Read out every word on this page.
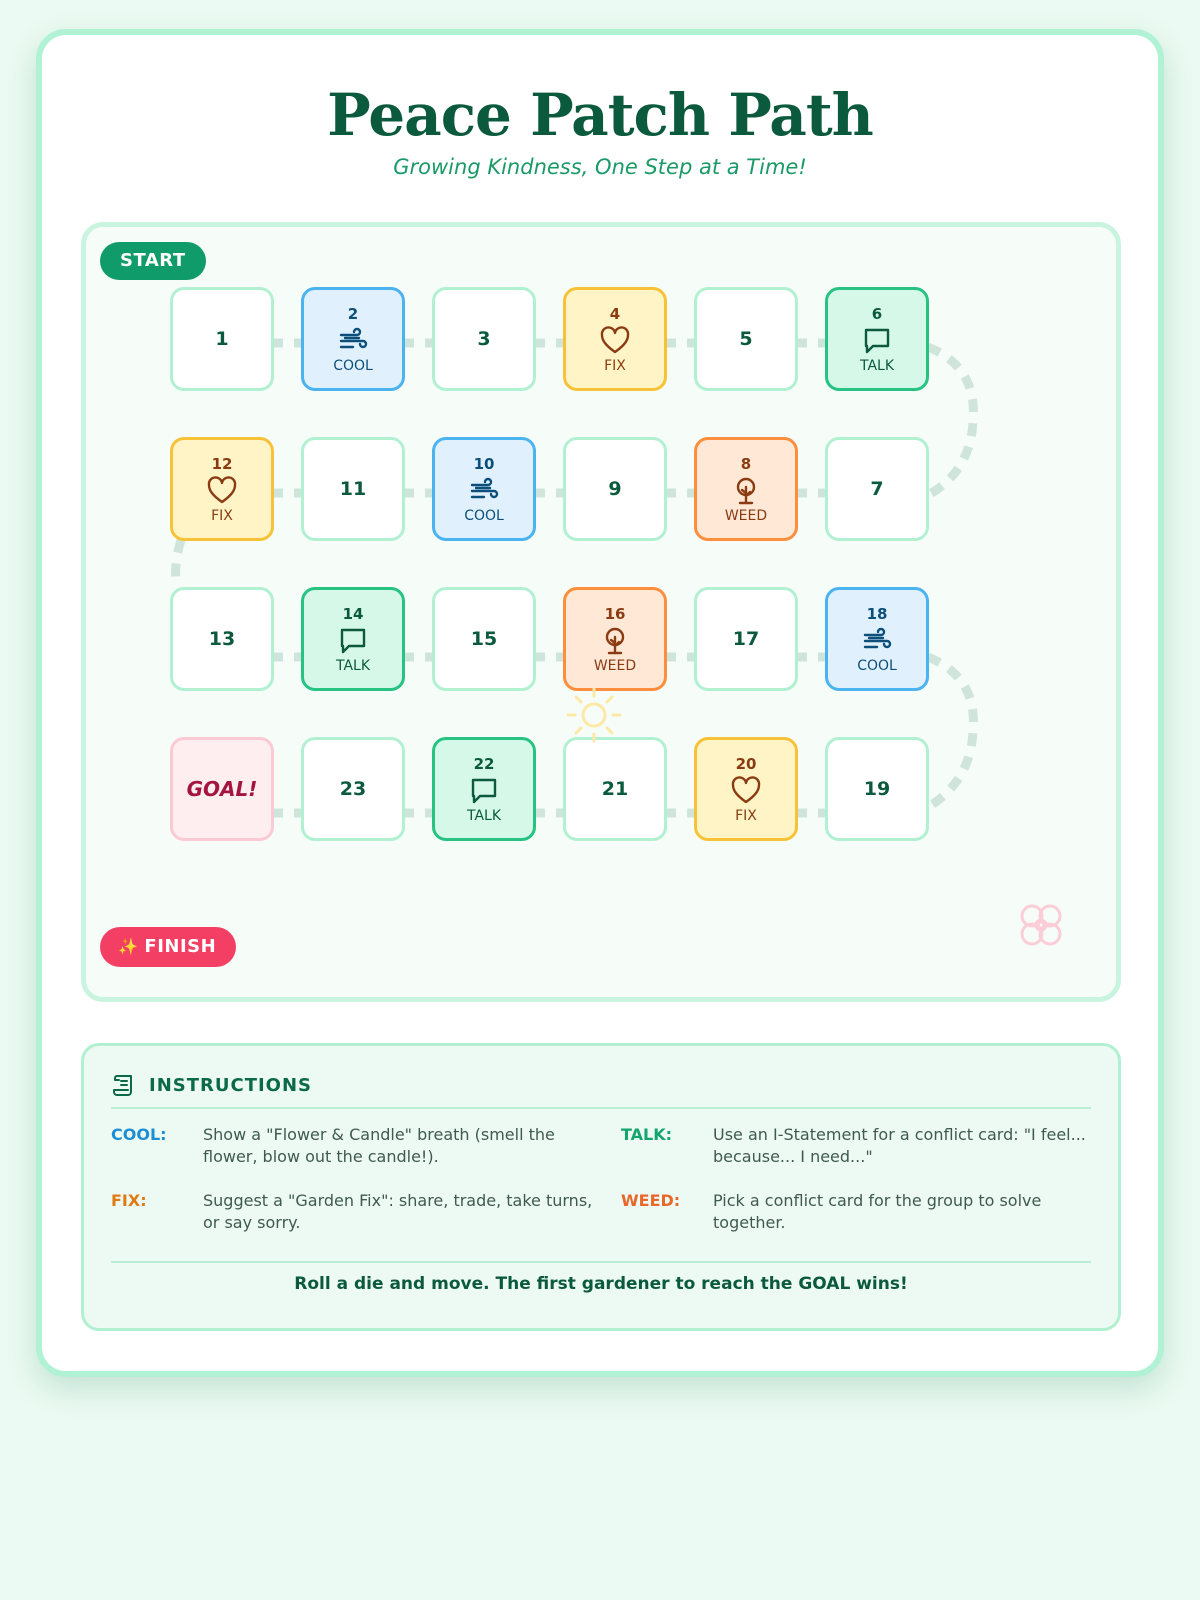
Peace Patch Path
Growing Kindness, One Step at a Time!
START
1
2
COOL
3
4
FIX
5
6
TALK
7
8
WEED
9
10
COOL
11
12
FIX
13
14
TALK
15
16
WEED
17
18
COOL
19
20
FIX
21
22
TALK
23
GOAL!
✨ FINISH
INSTRUCTIONS
COOL: Show a "Flower & Candle" breath (smell the flower, blow out the candle!).
TALK:	Use an I-Statement for a conflict card: "I feel... because... I need..."
FIX:	Suggest a "Garden Fix": share, trade, take turns, or say sorry.
WEED: Pick a conflict card for the group to solve together.
Roll a die and move. The first gardener to reach the GOAL wins!
